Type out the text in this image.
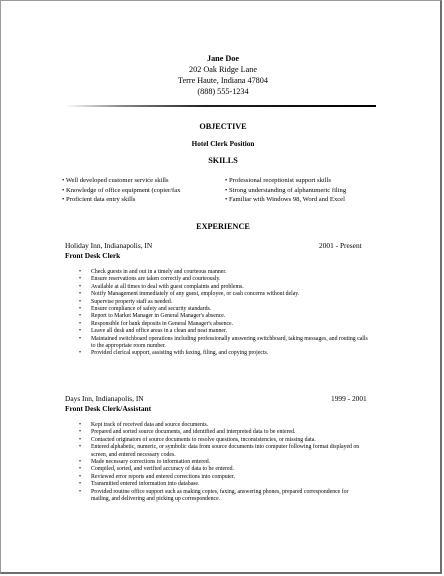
Jane Doe
202 Oak Ridge Lane
Terre Haute, Indiana 47804
(888) 555-1234
OBJECTIVE
Hotel Clerk Position
SKILLS
• Well developed customer service skills
• Knowledge of office equipment (copier/fax
• Proficient data entry skills
• Professional receptionist support skills
• Strong understanding of alphanumeric filing
• Familiar with Windows 98, Word and Excel
EXPERIENCE
Holiday Inn, Indianapolis, IN	2001 - Present
Front Desk Clerk
• Check guests in and out in a timely and courteous manner.
• Ensure reservations are taken correctly and courteously.
• Available at all times to deal with guest complaints and problems.
• Notify Management immediately of any guest, employee, or cash concerns without delay.
• Supervise property staff as needed.
• Ensure compliance of safety and security standards.
• Report to Market Manager in General Manager's absence.
• Responsible for bank deposits in General Manager's absence.
• Leave all desk and office areas in a clean and neat manner.
• Maintained switchboard operations including professionally answering switchboard, taking messages, and routing calls to the appropriate room number.
• Provided clerical support, assisting with faxing, filing, and copying projects.
Days Inn, Indianapolis, IN	1999 - 2001
Front Desk Clerk/Assistant
• Kept track of received data and source documents.
• Prepared and sorted source documents, and identified and interpreted data to be entered.
• Contacted originators of source documents to resolve questions, inconsistencies, or missing data.
• Entered alphabetic, numeric, or symbolic data from source documents into computer following format displayed on screen, and entered necessary codes.
• Made necessary corrections to information entered.
• Compiled, sorted, and verified accuracy of data to be entered.
• Reviewed error reports and entered corrections into computer.
• Transmitted entered information into database.
• Provided routine office support such as making copies, faxing, answering phones, prepared correspondence for mailing, and delivering and picking up correspondence.
